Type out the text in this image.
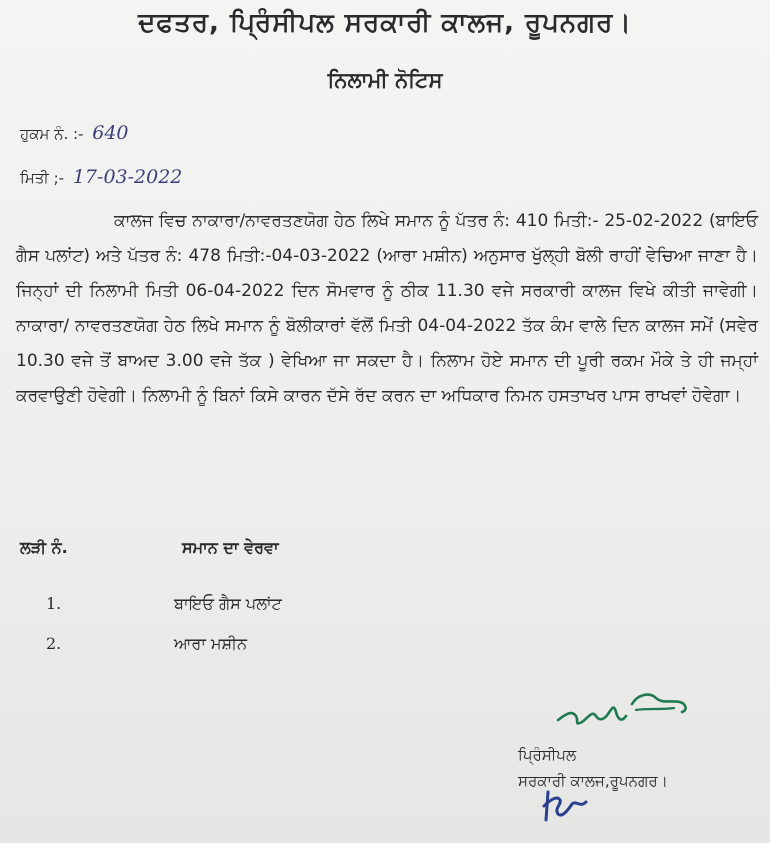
ਦਫਤਰ, ਪ੍ਰਿੰਸੀਪਲ ਸਰਕਾਰੀ ਕਾਲਜ, ਰੂਪਨਗਰ।
ਨਿਲਾਮੀ ਨੋਟਿਸ
ਹੁਕਮ ਨੰ. :- 640
ਮਿਤੀ ;- 17-03-2022

ਕਾਲਜ ਵਿਚ ਨਾਕਾਰਾ/ਨਾਵਰਤਣਯੋਗ ਹੇਠ ਲਿਖੇ ਸਮਾਨ ਨੂੰ ਪੱਤਰ ਨੰ: 410 ਮਿਤੀ:- 25-02-2022 (ਬਾਇਓ ਗੈਸ ਪਲਾਂਟ) ਅਤੇ ਪੱਤਰ ਨੰ: 478 ਮਿਤੀ:-04-03-2022 (ਆਰਾ ਮਸ਼ੀਨ) ਅਨੁਸਾਰ ਖੁੱਲ੍ਹੀ ਬੋਲੀ ਰਾਹੀਂ ਵੇਚਿਆ ਜਾਣਾ ਹੈ। ਜਿਨ੍ਹਾਂ ਦੀ ਨਿਲਾਮੀ ਮਿਤੀ 06-04-2022 ਦਿਨ ਸੋਮਵਾਰ ਨੂੰ ਠੀਕ 11.30 ਵਜੇ ਸਰਕਾਰੀ ਕਾਲਜ ਵਿਖੇ ਕੀਤੀ ਜਾਵੇਗੀ। ਨਾਕਾਰਾ/ ਨਾਵਰਤਣਯੋਗ ਹੇਠ ਲਿਖੇ ਸਮਾਨ ਨੂੰ ਬੋਲੀਕਾਰਾਂ ਵੱਲੋਂ ਮਿਤੀ 04-04-2022 ਤੱਕ ਕੰਮ ਵਾਲੇ ਦਿਨ ਕਾਲਜ ਸਮੇਂ (ਸਵੇਰ 10.30 ਵਜੇ ਤੋਂ ਬਾਅਦ 3.00 ਵਜੇ ਤੱਕ ) ਵੇਖਿਆ ਜਾ ਸਕਦਾ ਹੈ। ਨਿਲਾਮ ਹੋਏ ਸਮਾਨ ਦੀ ਪੂਰੀ ਰਕਮ ਮੌਕੇ ਤੇ ਹੀ ਜਮ੍ਹਾਂ ਕਰਵਾਉਣੀ ਹੋਵੇਗੀ। ਨਿਲਾਮੀ ਨੂੰ ਬਿਨਾਂ ਕਿਸੇ ਕਾਰਨ ਦੱਸੇ ਰੱਦ ਕਰਨ ਦਾ ਅਧਿਕਾਰ ਨਿਮਨ ਹਸਤਾਖਰ ਪਾਸ ਰਾਖਵਾਂ ਹੋਵੇਗਾ।

ਲੜੀ ਨੰ.	ਸਮਾਨ ਦਾ ਵੇਰਵਾ
1.	ਬਾਇਓ ਗੈਸ ਪਲਾਂਟ
2.	ਆਰਾ ਮਸ਼ੀਨ
ਪ੍ਰਿੰਸੀਪਲ
ਸਰਕਾਰੀ ਕਾਲਜ,ਰੂਪਨਗਰ।
